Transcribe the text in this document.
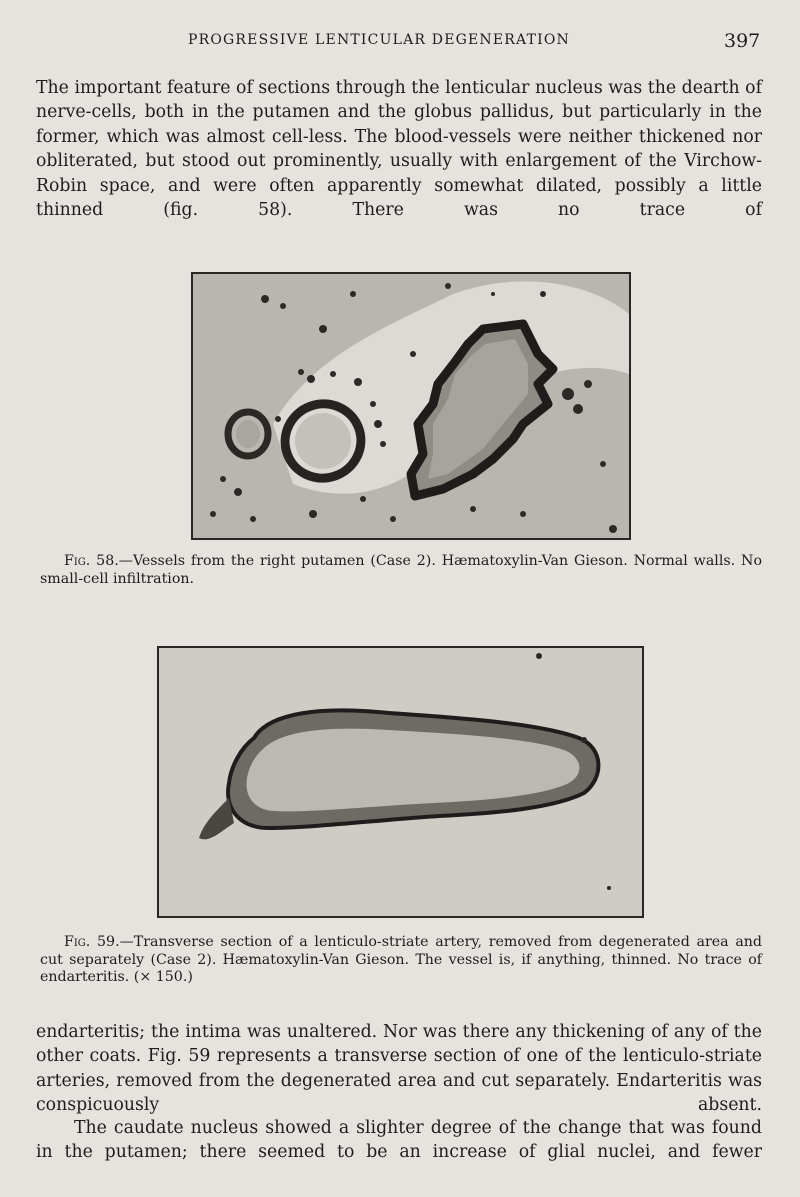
PROGRESSIVE LENTICULAR DEGENERATION	397

The important feature of sections through the lenticular nucleus was the dearth of nerve-cells, both in the putamen and the globus pallidus, but particularly in the former, which was almost cell-less. The blood-vessels were neither thickened nor obliterated, but stood out prominently, usually with enlargement of the Virchow-Robin space, and were often apparently somewhat dilated, possibly a little thinned (fig. 58). There was no trace of

Fig. 58.—Vessels from the right putamen (Case 2). Hæmatoxylin-Van Gieson. Normal walls. No small-cell infiltration.

Fig. 59.—Transverse section of a lenticulo-striate artery, removed from degenerated area and cut separately (Case 2). Hæmatoxylin-Van Gieson. The vessel is, if anything, thinned. No trace of endarteritis. (× 150.)

endarteritis; the intima was unaltered. Nor was there any thickening of any of the other coats. Fig. 59 represents a transverse section of one of the lenticulo-striate arteries, removed from the degenerated area and cut separately. Endarteritis was conspicuously absent.

The caudate nucleus showed a slighter degree of the change that was found in the putamen; there seemed to be an increase of glial nuclei, and fewer
